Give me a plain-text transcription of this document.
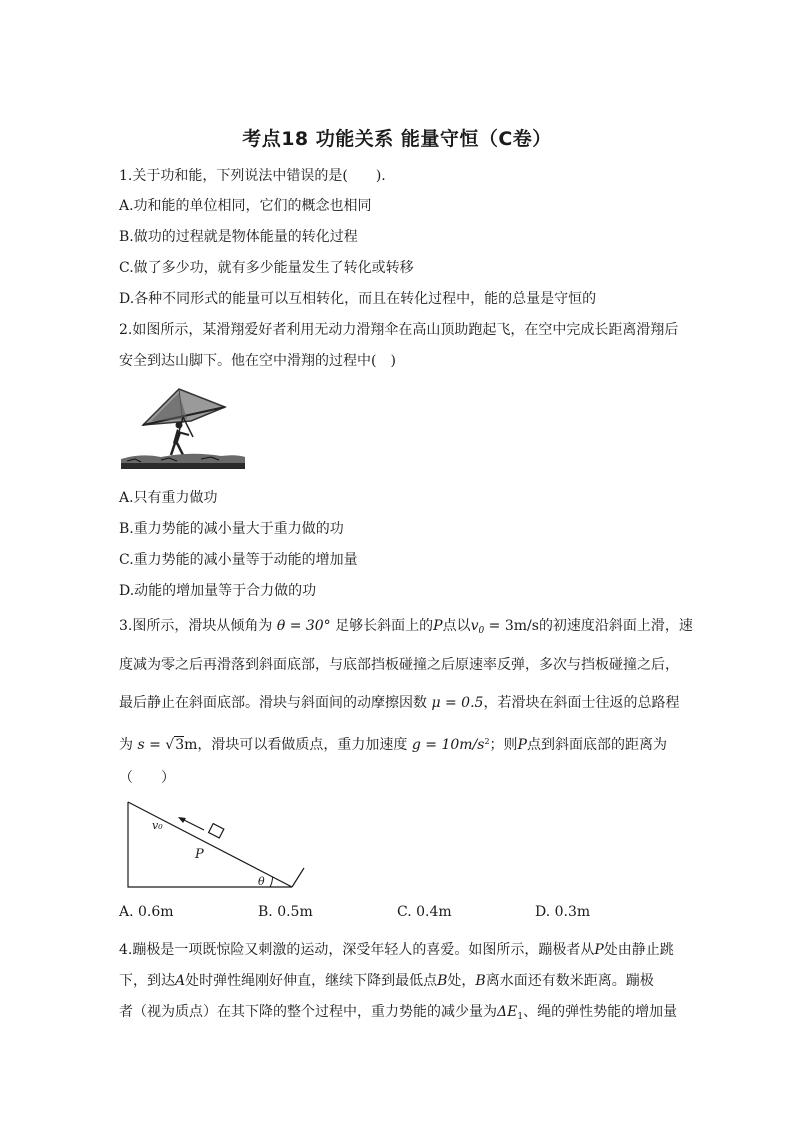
考点18 功能关系 能量守恒（C卷）
1.关于功和能，下列说法中错误的是(　　).
A.功和能的单位相同，它们的概念也相同
B.做功的过程就是物体能量的转化过程
C.做了多少功，就有多少能量发生了转化或转移
D.各种不同形式的能量可以互相转化，而且在转化过程中，能的总量是守恒的
2.如图所示，某滑翔爱好者利用无动力滑翔伞在高山顶助跑起飞，在空中完成长距离滑翔后
安全到达山脚下。他在空中滑翔的过程中(　)
A.只有重力做功
B.重力势能的减小量大于重力做的功
C.重力势能的减小量等于动能的增加量
D.动能的增加量等于合力做的功
3.图所示，滑块从倾角为 θ = 30° 足够长斜面上的P点以$v_0 = 3m/s$的初速度沿斜面上滑，速
度减为零之后再滑落到斜面底部，与底部挡板碰撞之后原速率反弹，多次与挡板碰撞之后，
最后静止在斜面底部。滑块与斜面间的动摩擦因数 μ = 0.5，若滑块在斜面士往返的总路程
为 s = √3m，滑块可以看做质点，重力加速度 $g = 10m/s^2$；则P点到斜面底部的距离为
（　　）
v₀
P
θ
A. 0.6m	B. 0.5m	C. 0.4m	D. 0.3m
4.蹦极是一项既惊险又刺激的运动，深受年轻人的喜爱。如图所示，蹦极者从P处由静止跳
下，到达A处时弹性绳刚好伸直，继续下降到最低点B处，B离水面还有数米距离。蹦极
者（视为质点）在其下降的整个过程中，重力势能的减少量为$\Delta E_1$、绳的弹性势能的增加量
